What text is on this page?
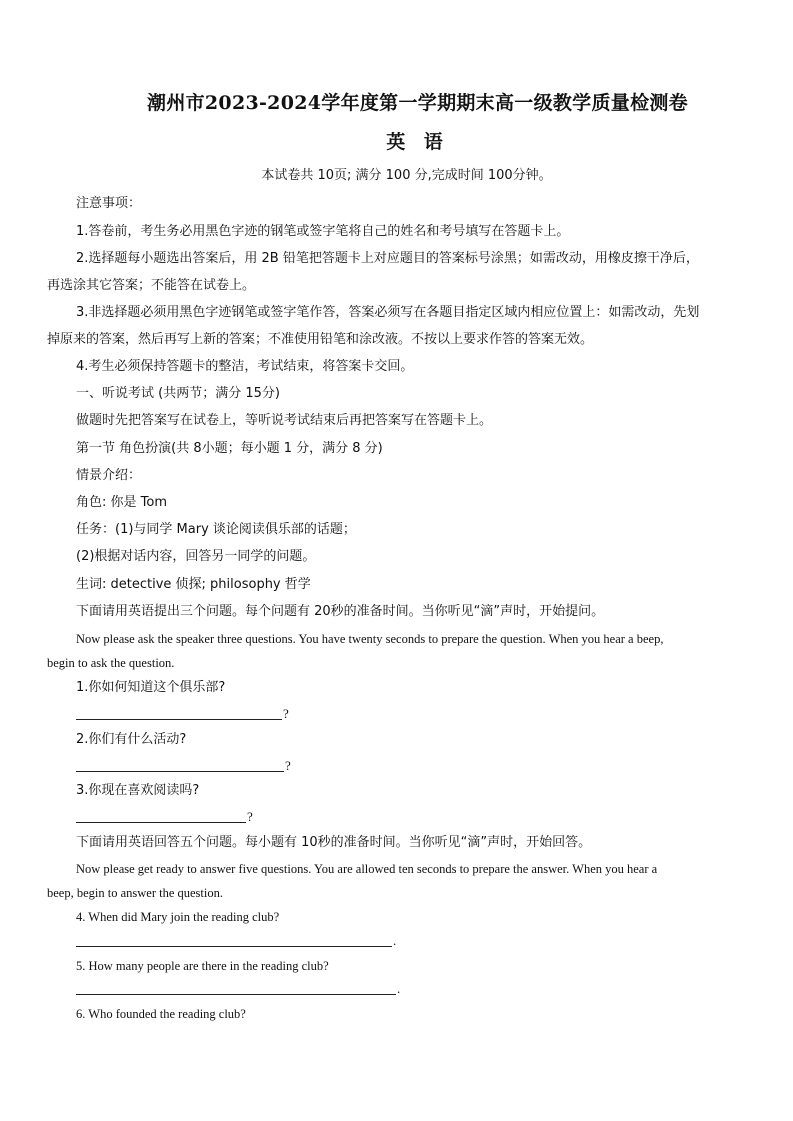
潮州市2023-2024学年度第一学期期末高一级教学质量检测卷
英 语
本试卷共 10页; 满分 100 分,完成时间 100分钟。
注意事项：
1.答卷前，考生务必用黑色字迹的钢笔或签字笔将自己的姓名和考号填写在答题卡上。
2.选择题每小题选出答案后，用 2B 铅笔把答题卡上对应题目的答案标号涂黑；如需改动，用橡皮擦干净后，
再选涂其它答案；不能答在试卷上。
3.非选择题必须用黑色字迹钢笔或签字笔作答，答案必须写在各题目指定区域内相应位置上：如需改动，先划
掉原来的答案，然后再写上新的答案；不准使用铅笔和涂改液。不按以上要求作答的答案无效。
4.考生必须保持答题卡的整洁，考试结束，将答案卡交回。
一、听说考试 (共两节；满分 15分)
做题时先把答案写在试卷上，等听说考试结束后再把答案写在答题卡上。
第一节 角色扮演(共 8小题；每小题 1 分，满分 8 分)
情景介绍：
角色: 你是 Tom
任务：(1)与同学 Mary 谈论阅读俱乐部的话题；
(2)根据对话内容，回答另一同学的问题。
生词: detective 侦探; philosophy 哲学
下面请用英语提出三个问题。每个问题有 20秒的准备时间。当你听见“滴”声时，开始提问。
Now please ask the speaker three questions. You have twenty seconds to prepare the question. When you hear a beep,
begin to ask the question.
1.你如何知道这个俱乐部?
?
2.你们有什么活动?
?
3.你现在喜欢阅读吗?
?
下面请用英语回答五个问题。每小题有 10秒的准备时间。当你听见“滴”声时，开始回答。
Now please get ready to answer five questions. You are allowed ten seconds to prepare the answer. When you hear a
beep, begin to answer the question.
4. When did Mary join the reading club?
.
5. How many people are there in the reading club?
.
6. Who founded the reading club?
